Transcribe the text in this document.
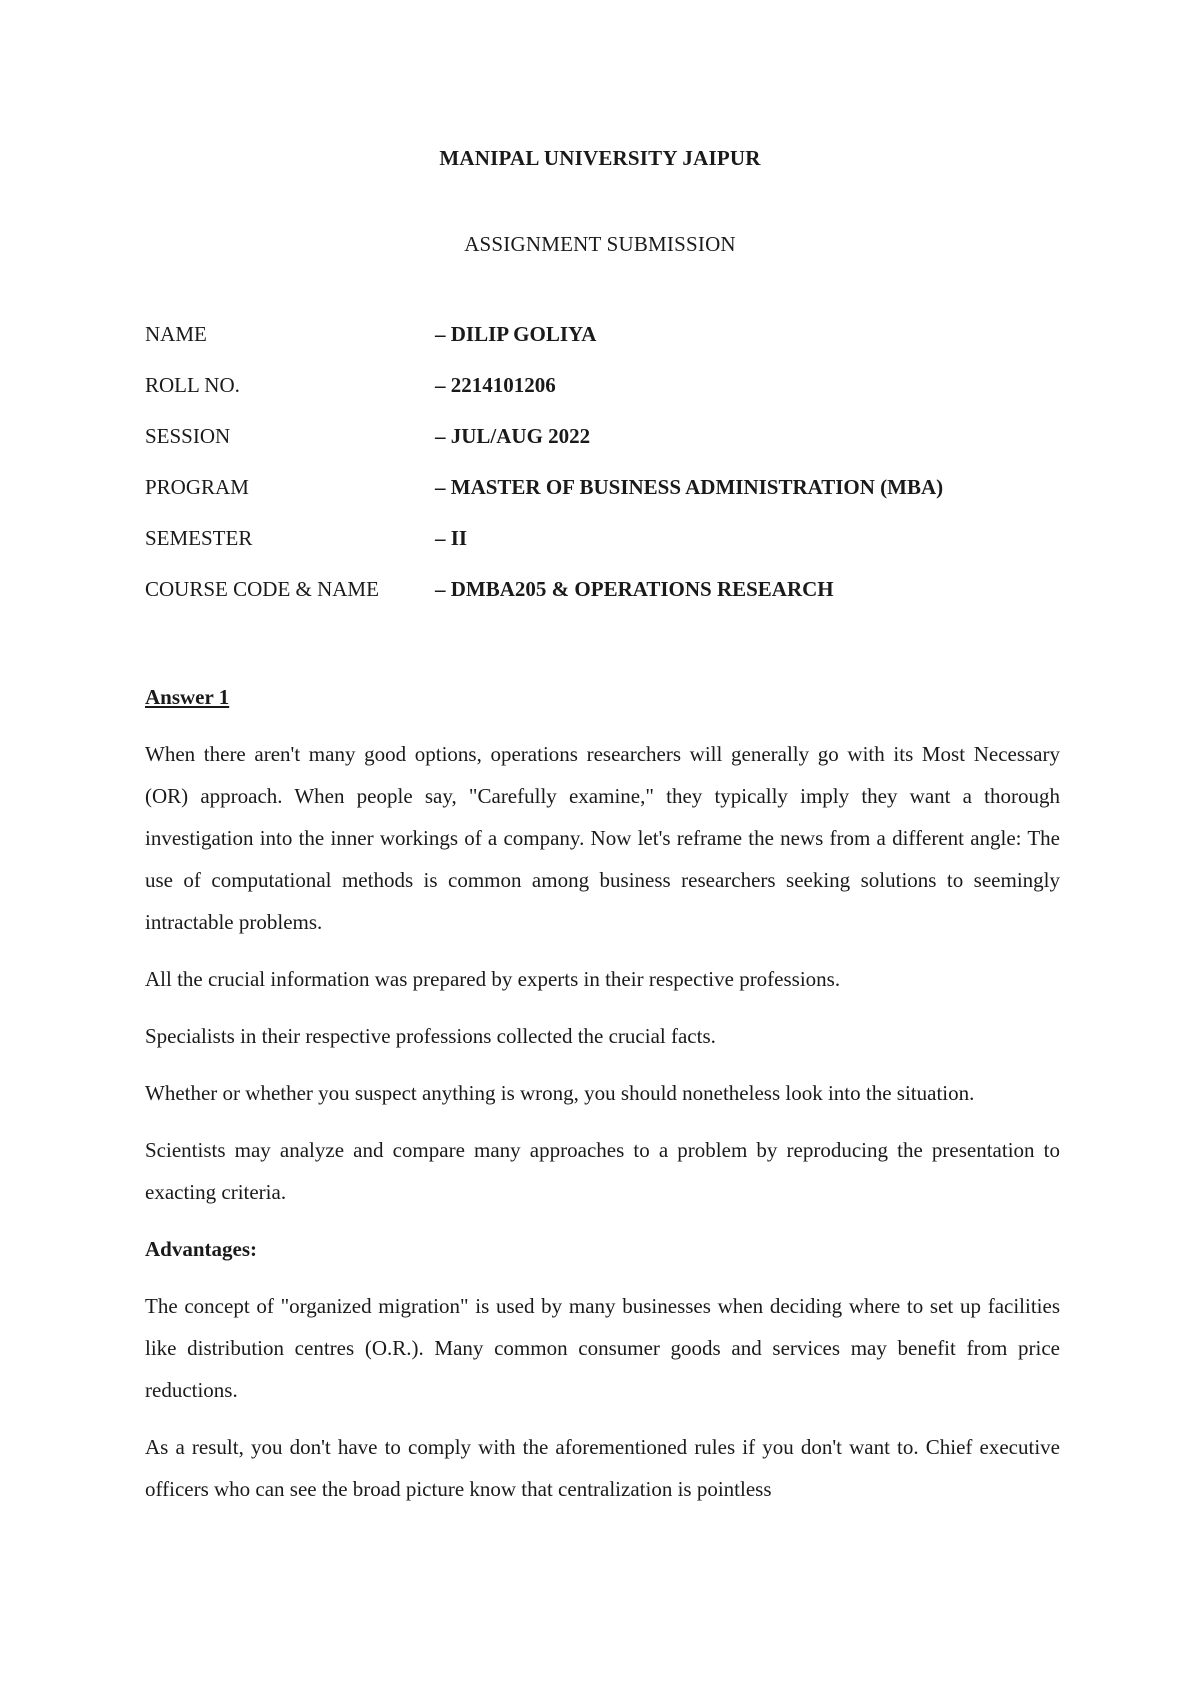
MANIPAL UNIVERSITY JAIPUR
ASSIGNMENT SUBMISSION
NAME	– DILIP GOLIYA
ROLL NO.	– 2214101206
SESSION	– JUL/AUG 2022
PROGRAM	– MASTER OF BUSINESS ADMINISTRATION (MBA)
SEMESTER	– II
COURSE CODE & NAME	– DMBA205 & OPERATIONS RESEARCH

Answer 1

When there aren't many good options, operations researchers will generally go with its Most Necessary (OR) approach. When people say, "Carefully examine," they typically imply they want a thorough investigation into the inner workings of a company. Now let's reframe the news from a different angle: The use of computational methods is common among business researchers seeking solutions to seemingly intractable problems.

All the crucial information was prepared by experts in their respective professions.

Specialists in their respective professions collected the crucial facts.

Whether or whether you suspect anything is wrong, you should nonetheless look into the situation.

Scientists may analyze and compare many approaches to a problem by reproducing the presentation to exacting criteria.

Advantages:

The concept of "organized migration" is used by many businesses when deciding where to set up facilities like distribution centres (O.R.). Many common consumer goods and services may benefit from price reductions.

As a result, you don't have to comply with the aforementioned rules if you don't want to. Chief executive officers who can see the broad picture know that centralization is pointless
